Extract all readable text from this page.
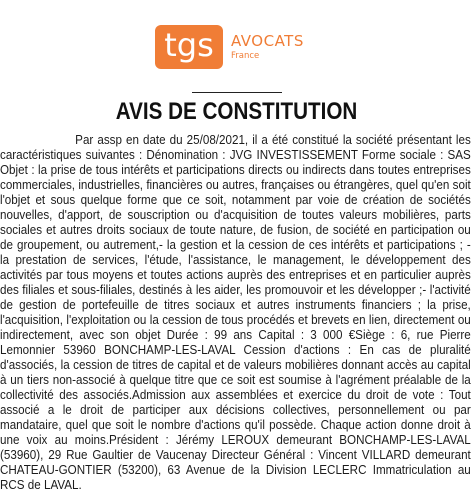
tgs	AVOCATS
France
AVIS DE CONSTITUTION
Par assp en date du 25/08/2021, il a été constitué la société présentant les caractéristiques suivantes : Dénomination : JVG INVESTISSEMENT Forme sociale : SAS Objet : la prise de tous intérêts et participations directs ou indirects dans toutes entreprises commerciales, industrielles, financières ou autres, françaises ou étrangères, quel qu'en soit l'objet et sous quelque forme que ce soit, notamment par voie de création de sociétés nouvelles, d'apport, de souscription ou d'acquisition de toutes valeurs mobilières, parts sociales et autres droits sociaux de toute nature, de fusion, de société en participation ou de groupement, ou autrement,- la gestion et la cession de ces intérêts et participations ; - la prestation de services, l'étude, l'assistance, le management, le développement des activités par tous moyens et toutes actions auprès des entreprises et en particulier auprès des filiales et sous-filiales, destinés à les aider, les promouvoir et les développer ;- l'activité de gestion de portefeuille de titres sociaux et autres instruments financiers ; la prise, l'acquisition, l'exploitation ou la cession de tous procédés et brevets en lien, directement ou indirectement, avec son objet Durée : 99 ans Capital : 3 000 €Siège : 6, rue Pierre Lemonnier 53960 BONCHAMP-LES-LAVAL Cession d'actions : En cas de pluralité d'associés, la cession de titres de capital et de valeurs mobilières donnant accès au capital à un tiers non-associé à quelque titre que ce soit est soumise à l'agrément préalable de la collectivité des associés.Admission aux assemblées et exercice du droit de vote : Tout associé a le droit de participer aux décisions collectives, personnellement ou par mandataire, quel que soit le nombre d'actions qu'il possède. Chaque action donne droit à une voix au moins.Président : Jérémy LEROUX demeurant BONCHAMP-LES-LAVAL (53960), 29 Rue Gaultier de Vaucenay Directeur Général : Vincent VILLARD demeurant CHATEAU-GONTIER (53200), 63 Avenue de la Division LECLERC Immatriculation au RCS de LAVAL.
